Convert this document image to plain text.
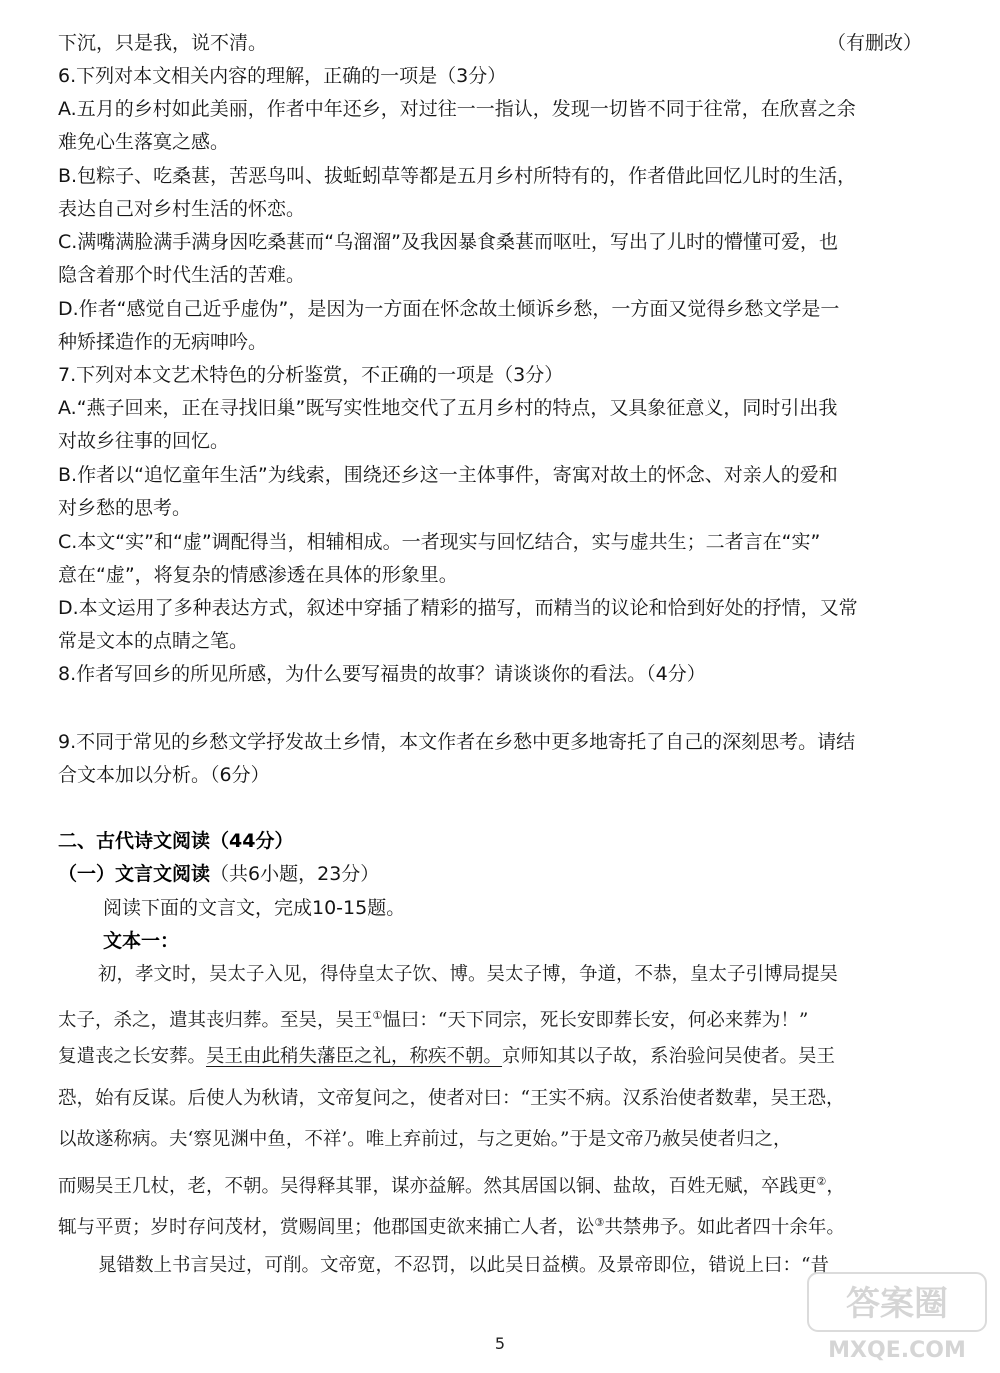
下沉，只是我，说不清。	（有删改）
6.下列对本文相关内容的理解，正确的一项是（3分）
A.五月的乡村如此美丽，作者中年还乡，对过往一一指认，发现一切皆不同于往常，在欣喜之余
难免心生落寞之感。
B.包粽子、吃桑葚，苦恶鸟叫、拔蚯蚓草等都是五月乡村所特有的，作者借此回忆儿时的生活，
表达自己对乡村生活的怀恋。
C.满嘴满脸满手满身因吃桑葚而“乌溜溜”及我因暴食桑葚而呕吐，写出了儿时的懵懂可爱，也
隐含着那个时代生活的苦难。
D.作者“感觉自己近乎虚伪”，是因为一方面在怀念故土倾诉乡愁，一方面又觉得乡愁文学是一
种矫揉造作的无病呻吟。
7.下列对本文艺术特色的分析鉴赏，不正确的一项是（3分）
A.“燕子回来，正在寻找旧巢”既写实性地交代了五月乡村的特点，又具象征意义，同时引出我
对故乡往事的回忆。
B.作者以“追忆童年生活”为线索，围绕还乡这一主体事件，寄寓对故土的怀念、对亲人的爱和
对乡愁的思考。
C.本文“实”和“虚”调配得当，相辅相成。一者现实与回忆结合，实与虚共生；二者言在“实”
意在“虚”，将复杂的情感渗透在具体的形象里。
D.本文运用了多种表达方式，叙述中穿插了精彩的描写，而精当的议论和恰到好处的抒情，又常
常是文本的点睛之笔。
8.作者写回乡的所见所感，为什么要写福贵的故事？请谈谈你的看法。（4分）
9.不同于常见的乡愁文学抒发故土乡情，本文作者在乡愁中更多地寄托了自己的深刻思考。请结
合文本加以分析。（6分）
二、古代诗文阅读（44分）
（一）文言文阅读（共6小题，23分）
阅读下面的文言文，完成10-15题。
文本一：
初，孝文时，吴太子入见，得侍皇太子饮、博。吴太子博，争道，不恭，皇太子引博局提吴
太子，杀之，遣其丧归葬。至吴，吴王①愠曰：“天下同宗，死长安即葬长安，何必来葬为！”
复遣丧之长安葬。吴王由此稍失藩臣之礼，称疾不朝。京师知其以子故，系治验问吴使者。吴王
恐，始有反谋。后使人为秋请，文帝复问之，使者对曰：“王实不病。汉系治使者数辈，吴王恐，
以故遂称病。夫‘察见渊中鱼，不祥’。唯上弃前过，与之更始。”于是文帝乃赦吴使者归之，
而赐吴王几杖，老，不朝。吴得释其罪，谋亦益解。然其居国以铜、盐故，百姓无赋，卒践更②，
辄与平贾；岁时存问茂材，赏赐闾里；他郡国吏欲来捕亡人者，讼③共禁弗予。如此者四十余年。
晁错数上书言吴过，可削。文帝宽，不忍罚，以此吴日益横。及景帝即位，错说上曰：“昔
5
答案圈
MXQE.COM
